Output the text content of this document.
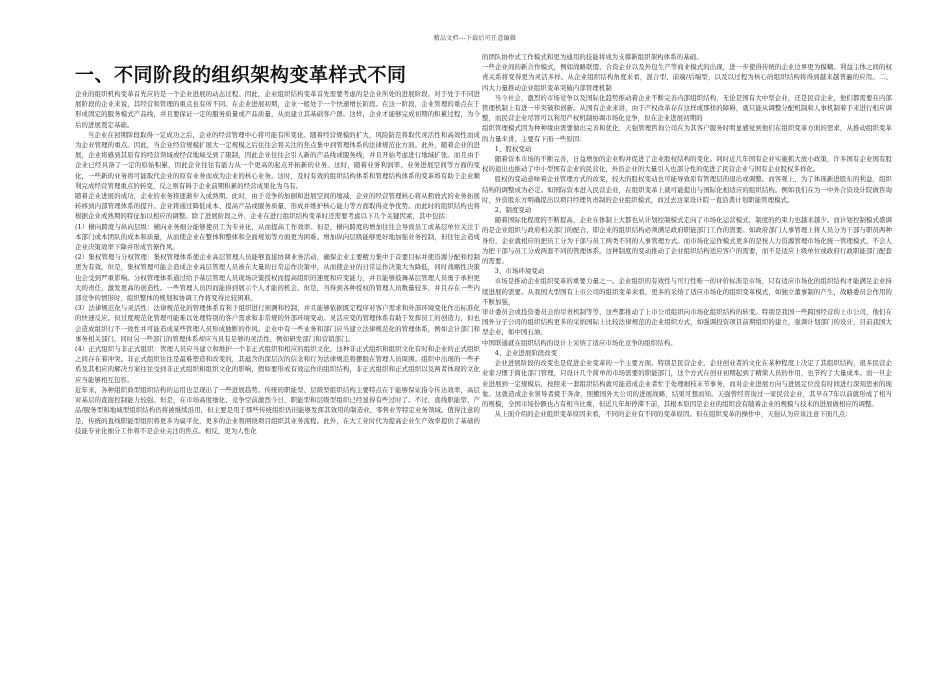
精品文档---下载后可任意编辑
一、不同阶段的组织架构变革样式不同

企业的组织机构变革首先应的是一个企业进展的动态过程。因此，企业组织结构变革首先需要考虑的是企业所处的进展阶段。对于处于不同进展阶段的企业来说，其经营和管理的重点也有所不同。在企业进展初期，企业一般处于一个快速增长阶段。在这一阶段，企业管理的重点在于形成固定的服务模式产品线，并且要保证一定的服务质量或产品质量，从而建立其基础客户群。这样，企业才能够完成初期的积累过程，为今后的进展奠定基础。

当企业在初期阶段取得一定成功之后，企业的经营管理中心将可能有所变化。随着经营规模的扩大，风险防范将取代灵活性和高效性而成为企业管理的重点。因此，当企业经营规模扩展大一定规模之后往往会将关注的焦点集中到管理体系的法律规范化方面。此外，随着企业的进展，企业将感到其原有的经营领域或经营地域受到了限制，因此企业往往会引入新的产品线或服务线，并且开始考虑进行地域扩张。而且由于企业已经具备了一定的原始积累，因此企业往往有能力从一个更高的起点开拓新的业务。这时，随着业务利润率、业务进展空间等方面的变化，一些新的业务将可能取代企业的原有业务而成为企业的核心业务。这时，及时有效的组织结构体系和管理结构体系的变革将有助于企业顺利完成经营管理重点的转变，反之则有碍于企业前期积累的经营成果化为乌有。

随着企业进展的成功，企业的业务将逐渐步入成熟期。此时，由于竞争的加剧和进展空间的缩减，企业的经营管理核心将从粗放式的业务拓展转移到内部管理体系的提升。企业将通过降低成本、提高产品或服务质量、形成并维护核心能力等方面取得竞争优势。而此时的组织结构也将根据企业成熟期的特征加以相应的调整。除了进展阶段之外，企业在进行组织结构变革时还需要考虑以下几个关键因素，其中包括：

(1）横向跨度与纵向层级：横向业务细分能够使员工为专业化，从而提高工作效率。但是，横向跨度的增加往往会导致员工或基层单位关注于本部门或本团队的成本和质量，从而使企业在整体和整体和全面规划等方面更为困难。增加纵向层级能够更好地加强业务控制，但往往会造成企业决策效率下降并形成官僚作风。

(2）集权管理与分权管理：集权管理体系使企业高层管理人员能够直接协调业务活动，确保企业主要精力集中于首要目标并使资源分配和控制更为有效。但是，集权管理可能会造成企业高层管理人员被在大量的日常运作决策中，从而使企业的日常运作决策大为降低，同时战略性决策也会受到严重影响。分权管理体系通过给予基层管理人员现场决策授权而提高组织的速度和应变能力，并且能够鼓舞基层管理人员勇于承担更大的责任，激发更高的创造性。一些管理人员因而能得到展示个人才能的机会。但是，当得到各种授权的管理人员数量较多，并且存在一些内部竞争的情形时，组织整体的规划和协调工作将变得比较困难。

(3）法律规范化与灵活性：法律规范化的管理体系有利于组织进行预测和控制，并且能够依据既定程序对客户需求和外部环境变化作出标准化的快速反应。但过度规范化管理可能难以处理特别的客户需求和非常规的外部环境变动。灵活应变的管理体系有助于发挥员工的创造力，但也会造成组织行不一致性并可能造成某些管理人员形成独断的作风。企业中有一些业务和部门应当建立法律规范化的管理体系，例如会计部门和事务相关部门，同时另一些部门的管理体系却应当具有足够的灵活性，例如研发部门和营销部门。

(4）正式组织与非正式组织：管理人员应当建立和维护一个非正式组织和相应的组织文化，这种非正式组织和组织文化有时和企业的正式组织之间存在着冲突。非正式组织往往是最难塑造和改变的，其蕴含的深层次的信念和行为法律规范将摆脱在管理人员周围。组织中出现的一些矛盾及其相应的解决方案往往受到非正式组织和组织文化的影响，假如要形成有效运作的组织结构，非正式组织和正式组织以及两者体现的文化应当能够相互包容。

近年来，各种组织典型组织结构的运用也呈现出了一些进展趋势。传统的职能型、层级型组织结构主要特点在于能够保证指令传达效率，高层对基层的直接控制能力较强。但是，在市场高度细化、竞争空前激烈今日，职能型和层级型组织已经显得有些过时了。不过，直线职能型、产品/服务型和地域型组织结构仍将被继续沿用，但主要是用于那些传统组织仍旧能够发挥其效用的制造业、零售业等特定业务领域。值得注意的是，传统的直线职能型组织将更多为扁平化，更多的企业将围绕项目组织其业务流程。此外，在大工业时代为提高企业生产效率提供了基础的技能专业化细分工作将不是企业关注的焦点。相反，更为人性化

的团队协作式工作模式和更为通用的技能将成为支撑新组织架构体系的基础。

一些企业间的新合作模式，例如战略联盟、合资企业以及外包生产等商业模式的出现，进一步使得传统的企业边界更为模糊。利益主体之间的权责关系将变得更为灵活多样。从企业组织结构角度来看，混合型、前端/后端型，以及以过程为核心的组织结构将得到越来越普遍的应用。二、四大力量推动企业组织变革突破内部管理机制

当今社会，激烈的市场竞争以及国际化趋势推动着企业不断完善内部组织结构，无论是国有大中型企业，还是民营企业，他们都需要在内部管理机制上有进一步突破和创新。从国有企业来讲，由于产权改革存在这样或那样的障碍，就只能从调整分配机制和人事机制着手来进行相应调整，而民营企业尽管可以利用产权机制协调市场化竞争，但在企业进展初期的

组织管理模式因为种种缘由需要做出完善和优化，天强管理咨询公司在为其客户服务时明显感觉到他们在组织变革方面的需求，从推动组织变革的力量来讲，主要有下面一些原因：

1、股权变动

随着资本市场的不断完善，日益增加的企业购并促进了企业股权结构的变化。同时近几年国有企业实施抓大放小政策，许多国有企业国有股权的退出也推动了中小型国有企业的民营化，外资企业的大量引入也部分性的促进了民营企业与国有企业股权多样化。

股权的变动意味着企业管理方式的改变，较大的股权变动也可能导致原有管理层的退出或调整。而客观上，为了体现新进股东的利益，组织结构的调整成为必定。如国际资本进入民营企业，在组织变革上就可能提出与国际化相适应的组织结构。例如我们在为一中外合资设计院做咨询时，外资股东方明确提出以项目经理负责制的企业组织模式，而过去这家设计院一直沿袭计划职能管理模式。

2、制度变动

随着国际化程度的不断提高，企业在体制上大都也从计划控制模式走向了市场化运营模式，制度的约束力也越来越少。而计划控制模式盛调的是企业组织与政府相关部门的配合，即企业的组织结构必须满足政府职能部门工作的需要。如政府部门人事管理上将人员分为干部与职员两种身份，企业就相应的把员工分为干部与员工两类不同的人事管理方式。而市场化运作模式更多的是按人力资源管理市场化统一管理模式，不会人为把干部与员工分成两套不同的管理体系。这种制度的变动推动了企业组织结构适应客户的需要，而不是适应上级单位或政府行政职能部门配套的需要。

3、市场环境变动

市场是推动企业组织变革的重要力量之一。企业组织的有效性与可行性唯一的评价标准是市场，只有适应市场化的组织结构才能满足企业持续进展的需要。从我国大型国有上市公司的组织变革来看，更多的采纳了适应市场化的组织变革模式，如独立董事制的产生，战略委员会作用的不断加强，

审计委员会或投资委员会的尽责机制等等，这些都推动了上市公司组织向市场化组织结构的转变。特别是我国一些跨国经营的上市公司，他们在国外分子公司的组织结构更多的采纳国际上比较法律规范的企业组织方式，如强调投资项目前期组织的建立，强调计划部门的设计，目前我国大型企业，如中国石油、

中国联通就在组织结构的设计上采纳了适应市场化竞争的组织结构。

4、企业进展阶段改变

企业进展阶段的改变也是促进企业变革的一个主要方面。特别是民营企业，企业创业者的文化在某种程度上决定了其组织结构，很多民营企业家习惯于简化部门管理，只设计几个简单的市场需要的职能部门，这个方式在创业初期起到了精简人员的作用，也节约了大量成本。而一旦企业进展到一定规模后，按照来一套组织结构就可能造成企业者忙于处理细枝末节事务，而对企业进展方向与进展定位没有时间进行深刻思索的现象。这就造成企业领导者疲于奔命，照搬国外大公司的进展战略，结果可想而知。天强曾经咨询过一家民营企业，其早在7年以前就形成了相当的规模，全国市场份额也占有相当比重，但近几年却停滞不前，其根本原因是企业的组织没有随着企业的规模与技术的进展做相应的调整。

从上面介绍的企业组织变革原因来看，不同的企业有不同的变革原因。但在组织变革的操作中，天强认为应该注意下面几点：
